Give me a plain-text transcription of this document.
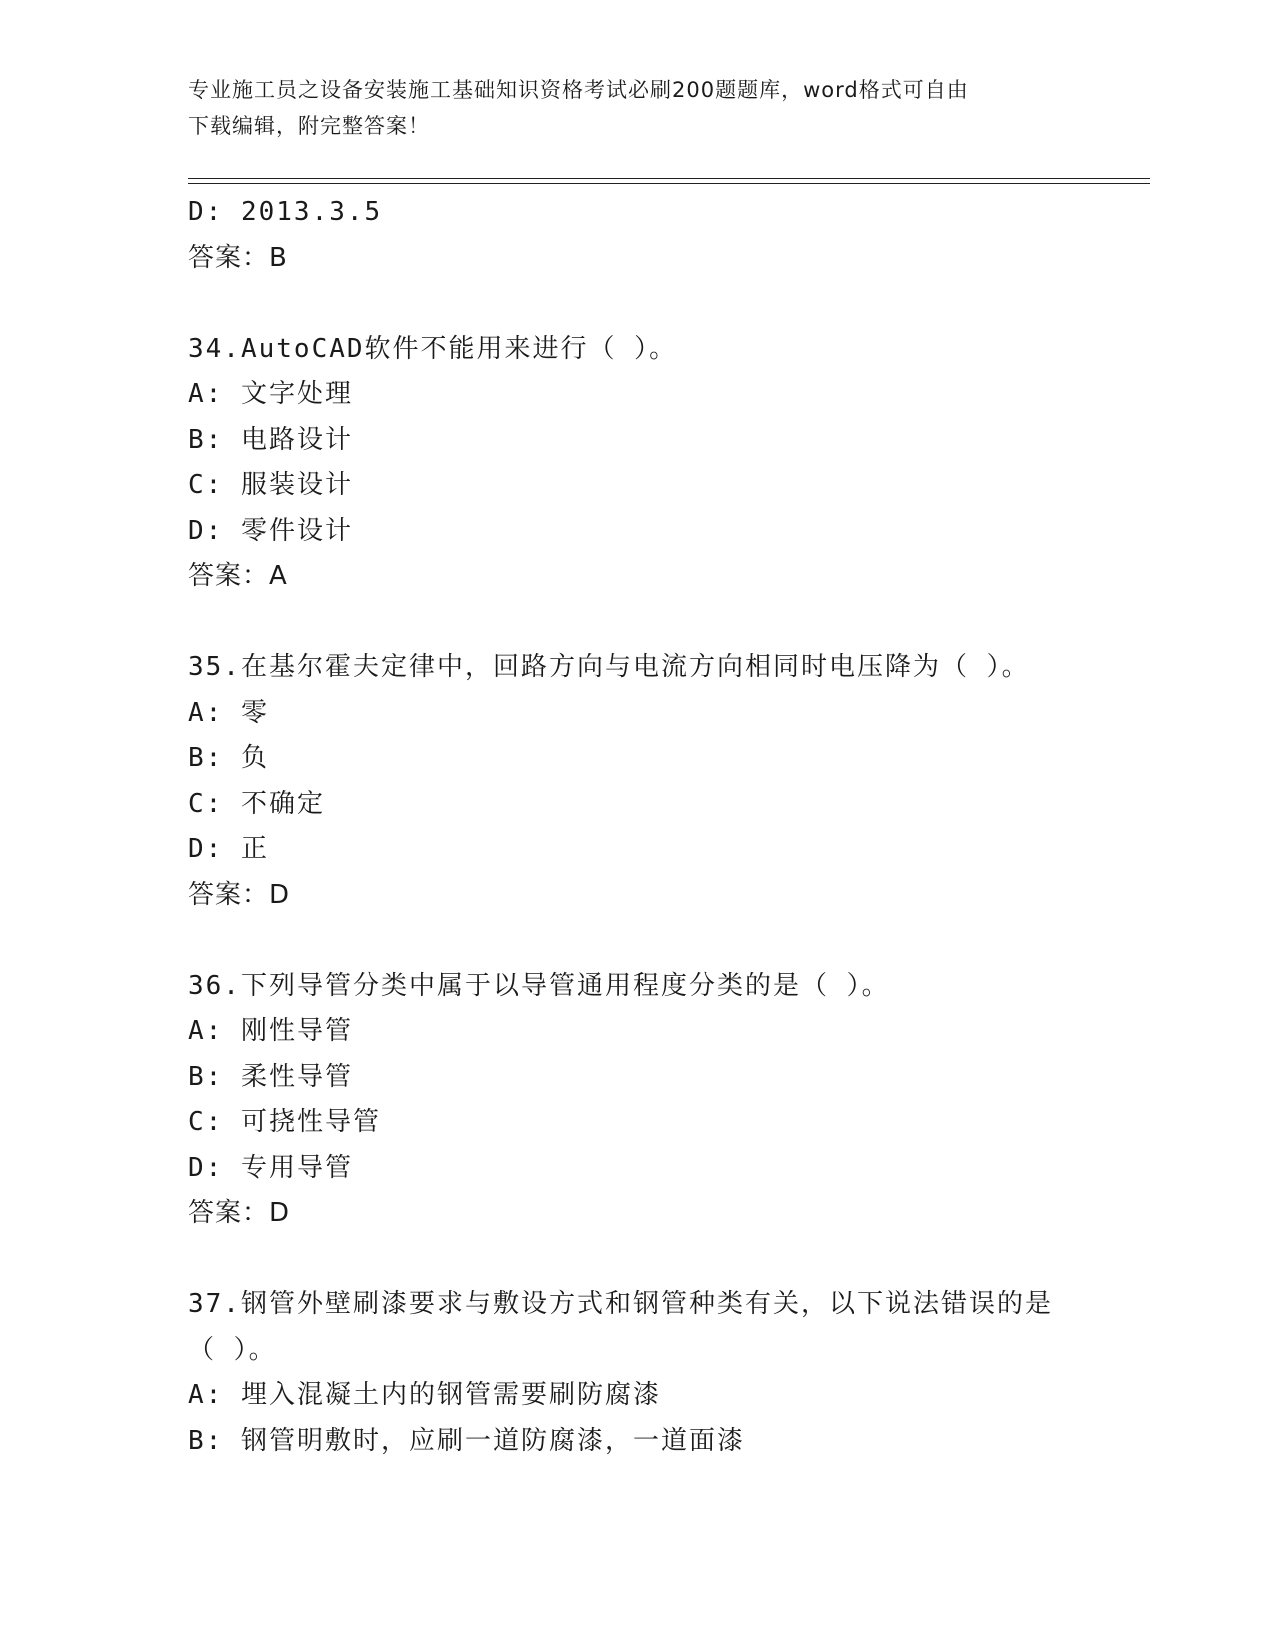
专业施工员之设备安装施工基础知识资格考试必刷200题题库，word格式可自由
下载编辑，附完整答案！
D: 2013.3.5
答案：B
34.AutoCAD软件不能用来进行（ ）。
A: 文字处理
B: 电路设计
C: 服装设计
D: 零件设计
答案：A
35.在基尔霍夫定律中，回路方向与电流方向相同时电压降为（ ）。
A: 零
B: 负
C: 不确定
D: 正
答案：D
36.下列导管分类中属于以导管通用程度分类的是（ ）。
A: 刚性导管
B: 柔性导管
C: 可挠性导管
D: 专用导管
答案：D
37.钢管外壁刷漆要求与敷设方式和钢管种类有关，以下说法错误的是
（ ）。
A: 埋入混凝土内的钢管需要刷防腐漆
B: 钢管明敷时，应刷一道防腐漆，一道面漆
